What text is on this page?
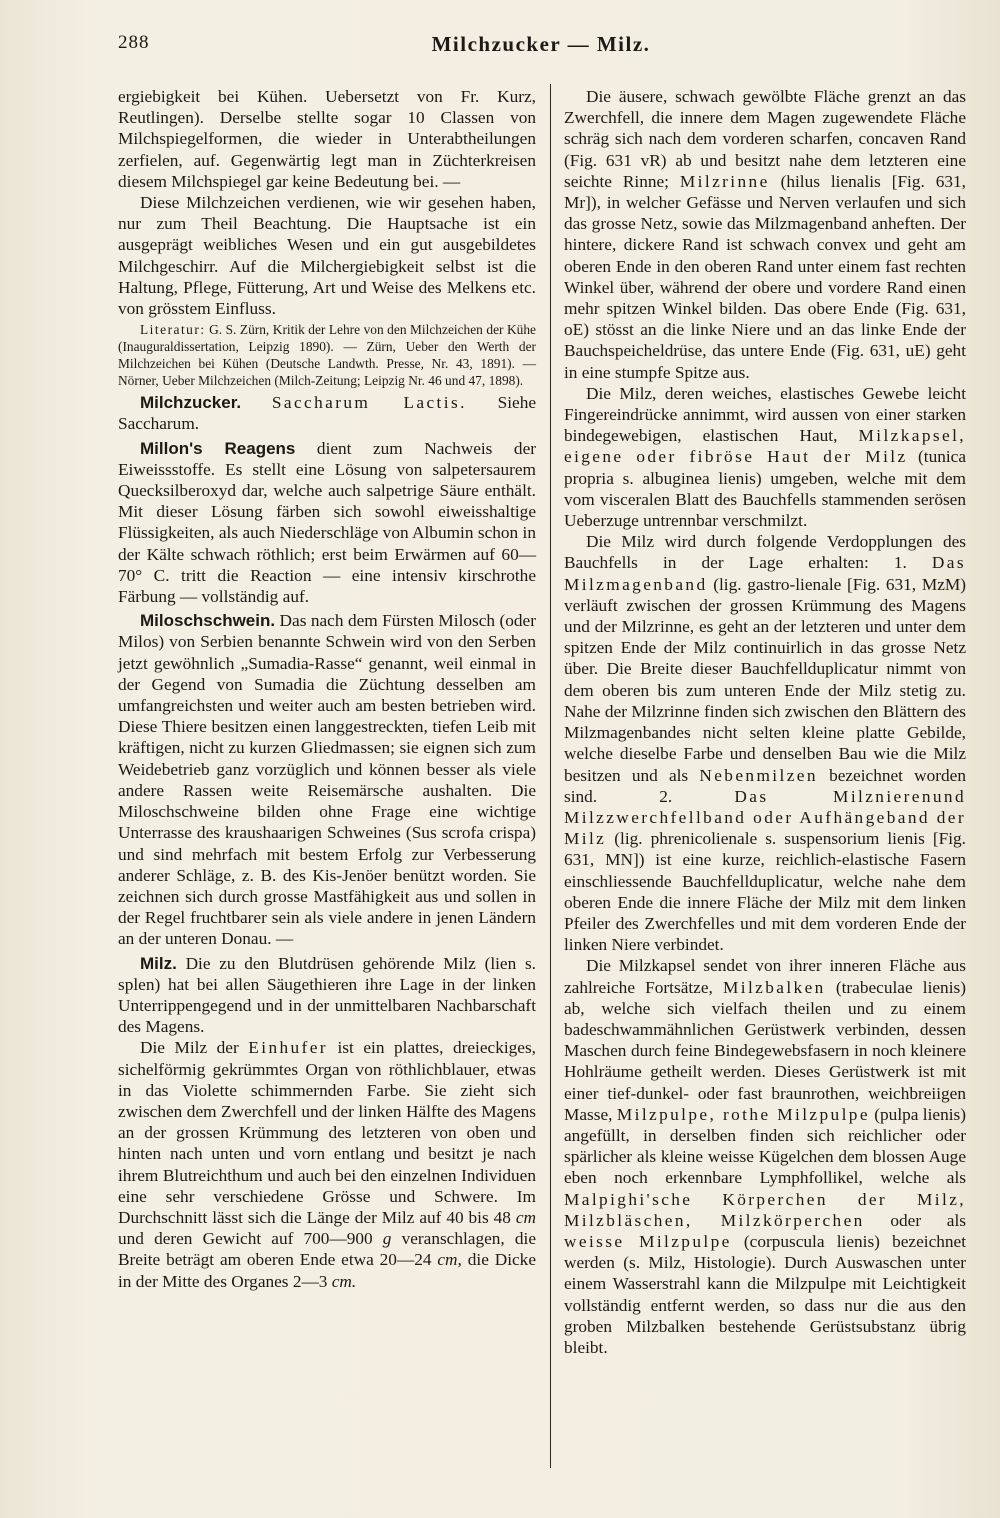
288	Milchzucker — Milz.

ergiebigkeit bei Kühen. Uebersetzt von Fr. Kurz, Reutlingen). Derselbe stellte sogar 10 Classen von Milchspiegelformen, die wieder in Unterabtheilungen zerfielen, auf. Gegenwärtig legt man in Züchterkreisen diesem Milchspiegel gar keine Bedeutung bei. —

Diese Milchzeichen verdienen, wie wir gesehen haben, nur zum Theil Beachtung. Die Hauptsache ist ein ausgeprägt weibliches Wesen und ein gut ausgebildetes Milchgeschirr. Auf die Milchergiebigkeit selbst ist die Haltung, Pflege, Fütterung, Art und Weise des Melkens etc. von grösstem Einfluss.

Literatur: G. S. Zürn, Kritik der Lehre von den Milchzeichen der Kühe (Inauguraldissertation, Leipzig 1890). — Zürn, Ueber den Werth der Milchzeichen bei Kühen (Deutsche Landwth. Presse, Nr. 43, 1891). — Nörner, Ueber Milchzeichen (Milch-Zeitung; Leipzig Nr. 46 und 47, 1898).

Milchzucker. Saccharum Lactis. Siehe Saccharum.

Millon's Reagens dient zum Nachweis der Eiweissstoffe. Es stellt eine Lösung von salpetersaurem Quecksilberoxyd dar, welche auch salpetrige Säure enthält. Mit dieser Lösung färben sich sowohl eiweisshaltige Flüssigkeiten, als auch Niederschläge von Albumin schon in der Kälte schwach röthlich; erst beim Erwärmen auf 60—70° C. tritt die Reaction — eine intensiv kirschrothe Färbung — vollständig auf.

Miloschschwein. Das nach dem Fürsten Milosch (oder Milos) von Serbien benannte Schwein wird von den Serben jetzt gewöhnlich „Sumadia-Rasse“ genannt, weil einmal in der Gegend von Sumadia die Züchtung desselben am umfangreichsten und weiter auch am besten betrieben wird. Diese Thiere besitzen einen langgestreckten, tiefen Leib mit kräftigen, nicht zu kurzen Gliedmassen; sie eignen sich zum Weidebetrieb ganz vorzüglich und können besser als viele andere Rassen weite Reisemärsche aushalten. Die Miloschschweine bilden ohne Frage eine wichtige Unterrasse des kraushaarigen Schweines (Sus scrofa crispa) und sind mehrfach mit bestem Erfolg zur Verbesserung anderer Schläge, z. B. des Kis-Jenöer benützt worden. Sie zeichnen sich durch grosse Mastfähigkeit aus und sollen in der Regel fruchtbarer sein als viele andere in jenen Ländern an der unteren Donau. —

Milz. Die zu den Blutdrüsen gehörende Milz (lien s. splen) hat bei allen Säugethieren ihre Lage in der linken Unterrippengegend und in der unmittelbaren Nachbarschaft des Magens.

Die Milz der Einhufer ist ein plattes, dreieckiges, sichelförmig gekrümmtes Organ von röthlichblauer, etwas in das Violette schimmernden Farbe. Sie zieht sich zwischen dem Zwerchfell und der linken Hälfte des Magens an der grossen Krümmung des letzteren von oben und hinten nach unten und vorn entlang und besitzt je nach ihrem Blutreichthum und auch bei den einzelnen Individuen eine sehr verschiedene Grösse und Schwere. Im Durchschnitt lässt sich die Länge der Milz auf 40 bis 48 cm und deren Gewicht auf 700—900 g veranschlagen, die Breite beträgt am oberen Ende etwa 20—24 cm, die Dicke in der Mitte des Organes 2—3 cm.

Die äusere, schwach gewölbte Fläche grenzt an das Zwerchfell, die innere dem Magen zugewendete Fläche schräg sich nach dem vorderen scharfen, concaven Rand (Fig. 631 vR) ab und besitzt nahe dem letzteren eine seichte Rinne; Milzrinne (hilus lienalis [Fig. 631, Mr]), in welcher Gefässe und Nerven verlaufen und sich das grosse Netz, sowie das Milzmagenband anheften. Der hintere, dickere Rand ist schwach convex und geht am oberen Ende in den oberen Rand unter einem fast rechten Winkel über, während der obere und vordere Rand einen mehr spitzen Winkel bilden. Das obere Ende (Fig. 631, oE) stösst an die linke Niere und an das linke Ende der Bauchspeicheldrüse, das untere Ende (Fig. 631, uE) geht in eine stumpfe Spitze aus.

Die Milz, deren weiches, elastisches Gewebe leicht Fingereindrücke annimmt, wird aussen von einer starken bindegewebigen, elastischen Haut, Milzkapsel, eigene oder fibröse Haut der Milz (tunica propria s. albuginea lienis) umgeben, welche mit dem vom visceralen Blatt des Bauchfells stammenden serösen Ueberzuge untrennbar verschmilzt.

Die Milz wird durch folgende Verdopplungen des Bauchfells in der Lage erhalten: 1. Das Milzmagenband (lig. gastro-lienale [Fig. 631, MzM) verläuft zwischen der grossen Krümmung des Magens und der Milzrinne, es geht an der letzteren und unter dem spitzen Ende der Milz continuirlich in das grosse Netz über. Die Breite dieser Bauchfellduplicatur nimmt von dem oberen bis zum unteren Ende der Milz stetig zu. Nahe der Milzrinne finden sich zwischen den Blättern des Milzmagenbandes nicht selten kleine platte Gebilde, welche dieselbe Farbe und denselben Bau wie die Milz besitzen und als Nebenmilzen bezeichnet worden sind. 2.	Das Milznierenund Milzzwerchfellband oder Aufhängeband der Milz (lig. phrenicolienale s. suspensorium lienis [Fig. 631, MN]) ist eine kurze, reichlich-elastische Fasern einschliessende Bauchfellduplicatur, welche nahe dem oberen Ende die innere Fläche der Milz mit dem linken Pfeiler des Zwerchfelles und mit dem vorderen Ende der linken Niere verbindet.

Die Milzkapsel sendet von ihrer inneren Fläche aus zahlreiche Fortsätze, Milzbalken (trabeculae lienis) ab, welche sich vielfach theilen und zu einem badeschwammähnlichen Gerüstwerk verbinden, dessen Maschen durch feine Bindegewebsfasern in noch kleinere Hohlräume getheilt werden. Dieses Gerüstwerk ist mit einer tief-dunkel- oder fast braunrothen, weichbreiigen Masse, Milzpulpe, rothe Milzpulpe (pulpa lienis) angefüllt, in derselben finden sich reichlicher oder spärlicher als kleine weisse Kügelchen dem blossen Auge eben noch erkennbare Lymphfollikel, welche als Malpighi'sche Körperchen der Milz, Milzbläschen, Milzkörperchen oder als weisse Milzpulpe (corpuscula lienis) bezeichnet werden (s. Milz, Histologie). Durch Auswaschen unter einem Wasserstrahl kann die Milzpulpe mit Leichtigkeit vollständig entfernt werden, so dass nur die aus den groben Milzbalken bestehende Gerüstsubstanz übrig bleibt.
